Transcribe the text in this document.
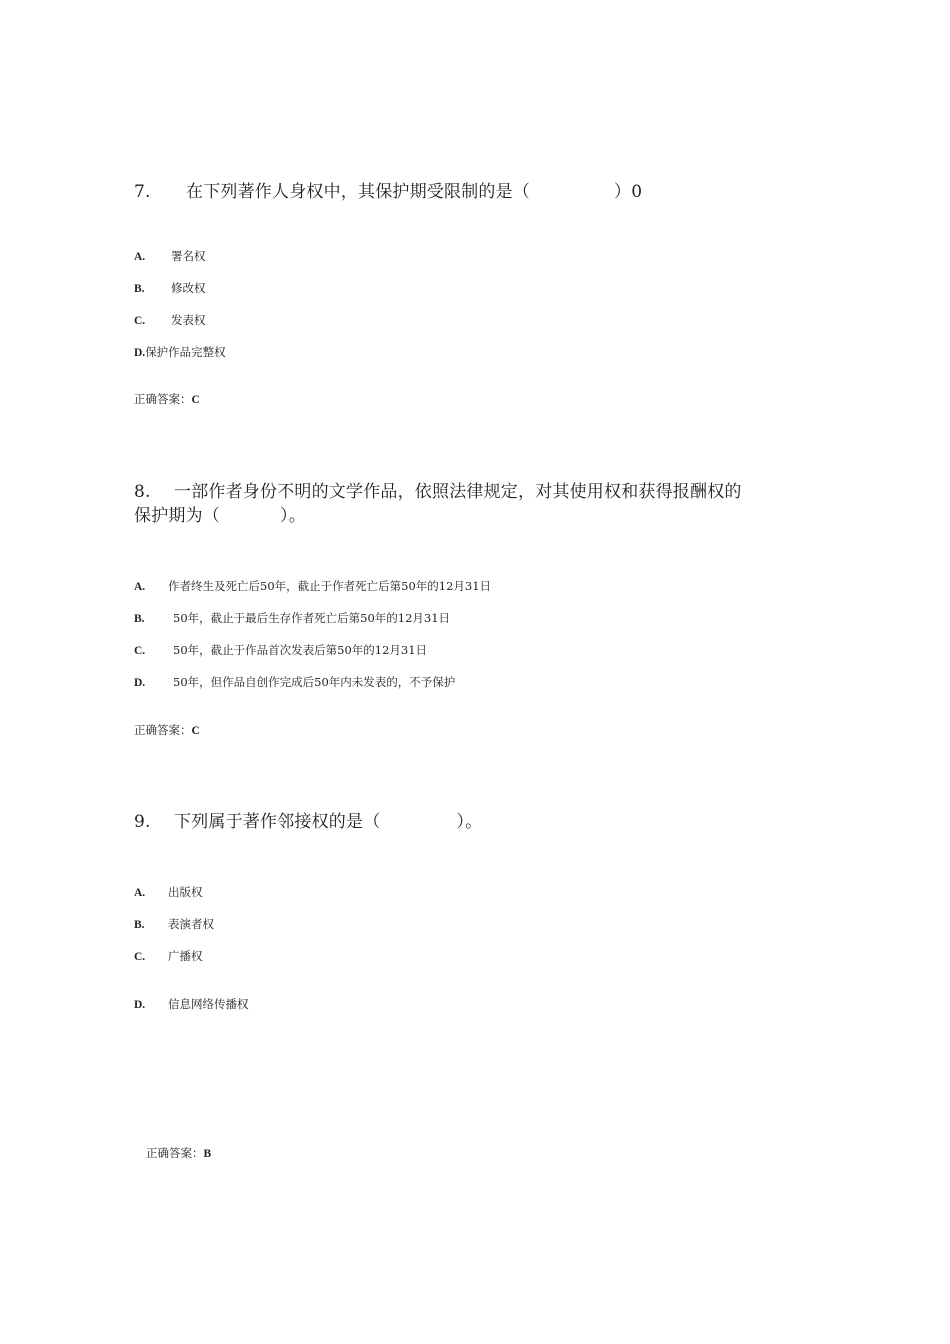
7. 在下列著作人身权中，其保护期受限制的是（	）0
A. 署名权
B. 修改权
C. 发表权
D.保护作品完整权
正确答案：C
8. 一部作者身份不明的文学作品，依照法律规定，对其使用权和获得报酬权的
保护期为（	）。
A. 作者终生及死亡后50年，截止于作者死亡后第50年的12月31日
B. 50年，截止于最后生存作者死亡后第50年的12月31日
C. 50年，截止于作品首次发表后第50年的12月31日
D. 50年，但作品自创作完成后50年内未发表的，不予保护
正确答案：C
9. 下列属于著作邻接权的是（	）。
A. 出版权
B. 表演者权
C. 广播权
D. 信息网络传播权
正确答案：B
